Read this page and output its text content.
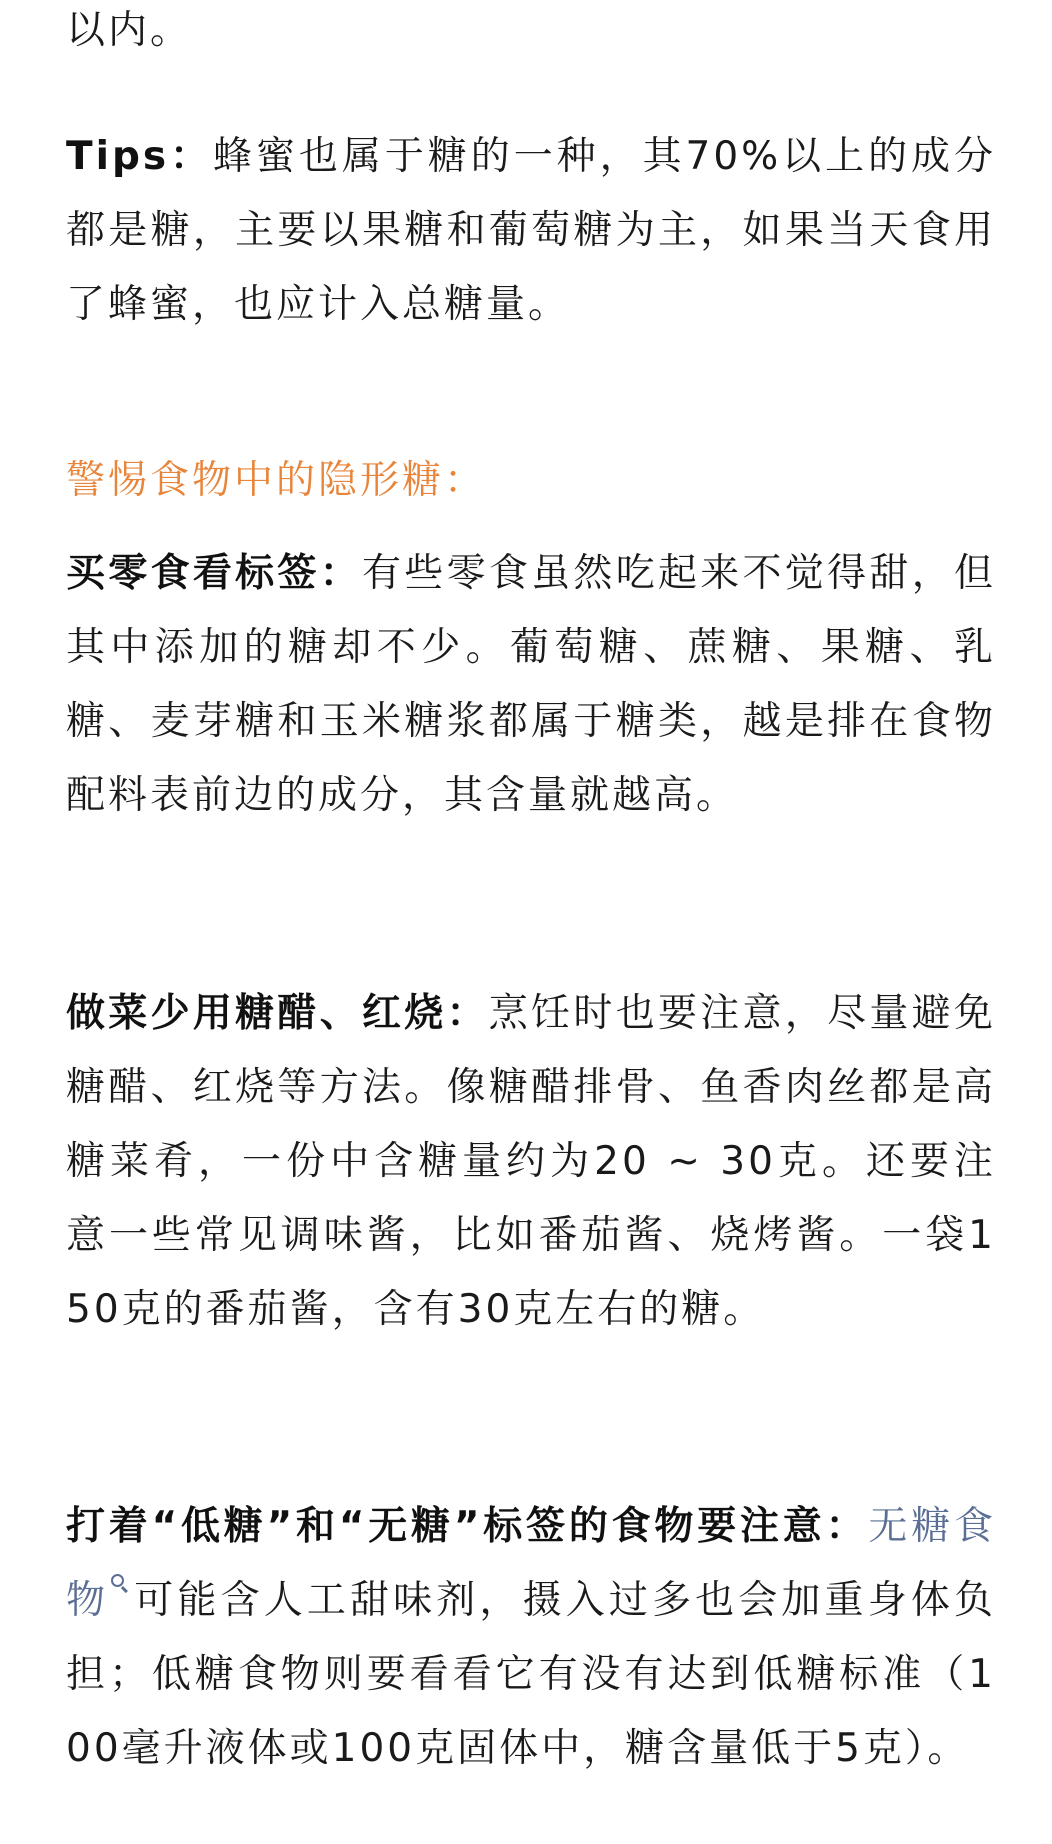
以内。

Tips：蜂蜜也属于糖的一种，其70%以上的成分都是糖，主要以果糖和葡萄糖为主，如果当天食用了蜂蜜，也应计入总糖量。

警惕食物中的隐形糖：

买零食看标签：有些零食虽然吃起来不觉得甜，但其中添加的糖却不少。葡萄糖、蔗糖、果糖、乳糖、麦芽糖和玉米糖浆都属于糖类，越是排在食物配料表前边的成分，其含量就越高。

做菜少用糖醋、红烧：烹饪时也要注意，尽量避免糖醋、红烧等方法。像糖醋排骨、鱼香肉丝都是高糖菜肴，一份中含糖量约为20 ~ 30克。还要注意一些常见调味酱，比如番茄酱、烧烤酱。一袋150克的番茄酱，含有30克左右的糖。

打着“低糖”和“无糖”标签的食物要注意：无糖食物 可能含人工甜味剂，摄入过多也会加重身体负担；低糖食物则要看看它有没有达到低糖标准（100毫升液体或100克固体中，糖含量低于5克）。
